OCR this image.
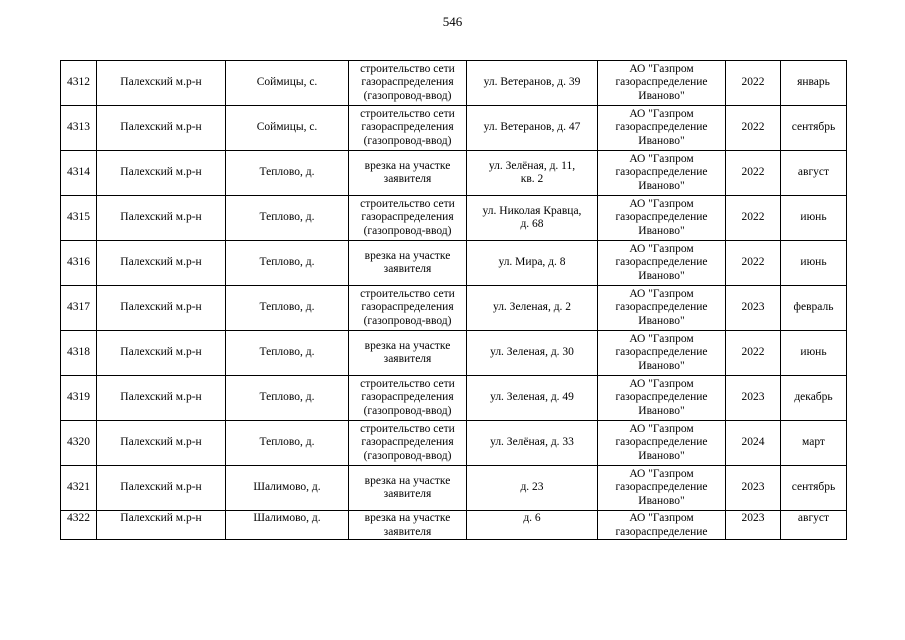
546
4312	Палехский м.р-н	Соймицы, с.	строительство сети
газораспределения
(газопровод-ввод)	ул. Ветеранов, д. 39	АО "Газпром
газораспределение
Иваново"	2022	январь
4313	Палехский м.р-н	Соймицы, с.	строительство сети
газораспределения
(газопровод-ввод)	ул. Ветеранов, д. 47	АО "Газпром
газораспределение
Иваново"	2022	сентябрь
4314	Палехский м.р-н	Теплово, д.	врезка на участке
заявителя	ул. Зелёная, д. 11,
кв. 2	АО "Газпром
газораспределение
Иваново"	2022	август
4315	Палехский м.р-н	Теплово, д.	строительство сети
газораспределения
(газопровод-ввод)	ул. Николая Кравца,
д. 68	АО "Газпром
газораспределение
Иваново"	2022	июнь
4316	Палехский м.р-н	Теплово, д.	врезка на участке
заявителя	ул. Мира, д. 8	АО "Газпром
газораспределение
Иваново"	2022	июнь
4317	Палехский м.р-н	Теплово, д.	строительство сети
газораспределения
(газопровод-ввод)	ул. Зеленая, д. 2	АО "Газпром
газораспределение
Иваново"	2023	февраль
4318	Палехский м.р-н	Теплово, д.	врезка на участке
заявителя	ул. Зеленая, д. 30	АО "Газпром
газораспределение
Иваново"	2022	июнь
4319	Палехский м.р-н	Теплово, д.	строительство сети
газораспределения
(газопровод-ввод)	ул. Зеленая, д. 49	АО "Газпром
газораспределение
Иваново"	2023	декабрь
4320	Палехский м.р-н	Теплово, д.	строительство сети
газораспределения
(газопровод-ввод)	ул. Зелёная, д. 33	АО "Газпром
газораспределение
Иваново"	2024	март
4321	Палехский м.р-н	Шалимово, д.	врезка на участке
заявителя	д. 23	АО "Газпром
газораспределение
Иваново"	2023	сентябрь
4322	Палехский м.р-н	Шалимово, д.	врезка на участке
заявителя	д. 6	АО "Газпром
газораспределение	2023	август
